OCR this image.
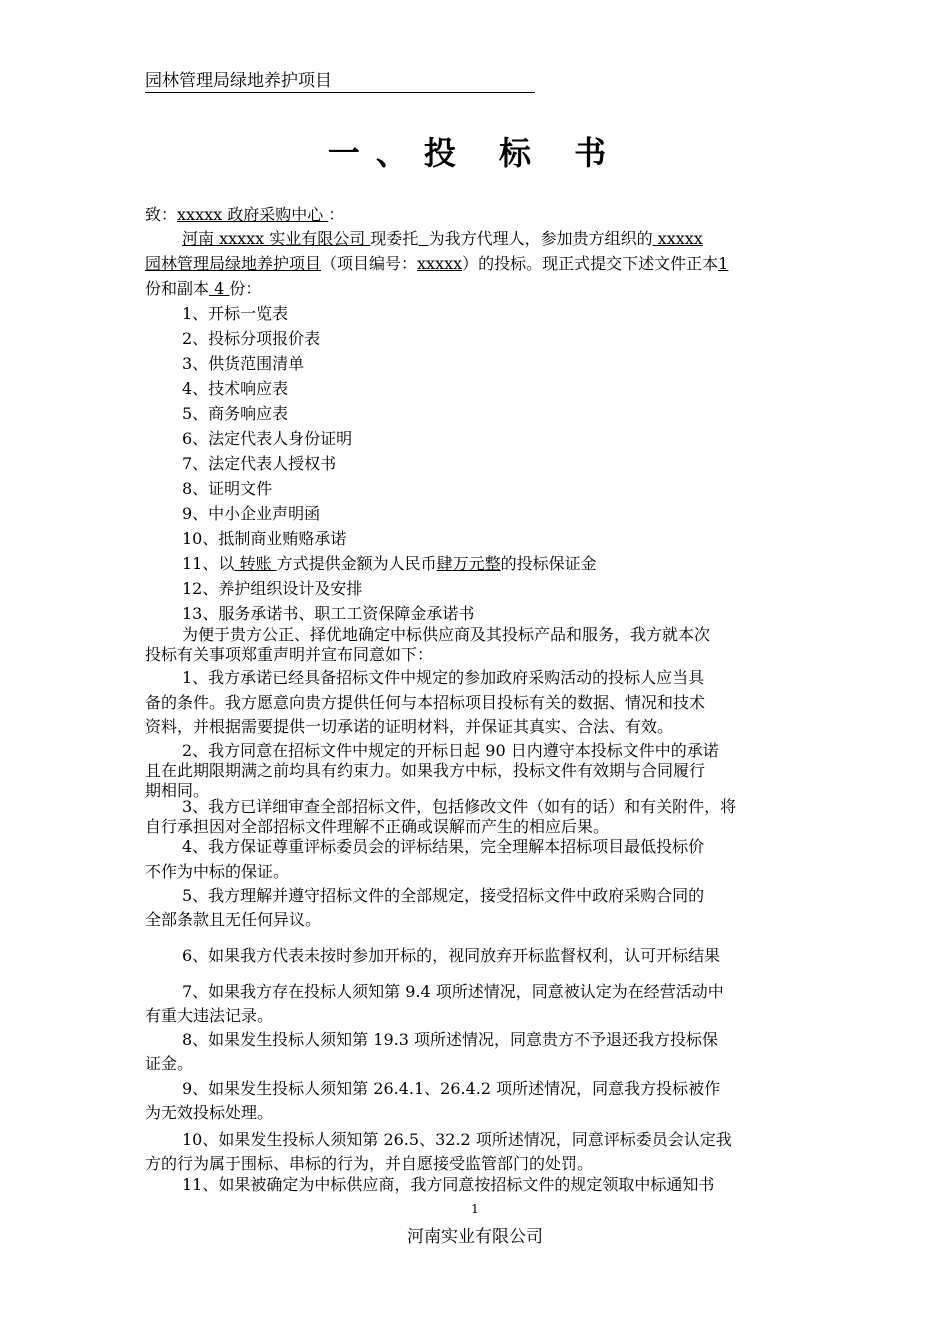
园林管理局绿地养护项目
一、投 标 书
致：xxxxx 政府采购中心 ：
河南 xxxxx 实业有限公司 现委托 为我方代理人，参加贵方组织的 xxxxx
园林管理局绿地养护项目（项目编号：xxxxx）的投标。现正式提交下述文件正本1
份和副本 4 份：
1、开标一览表
2、投标分项报价表
3、供货范围清单
4、技术响应表
5、商务响应表
6、法定代表人身份证明
7、法定代表人授权书
8、证明文件
9、中小企业声明函
10、抵制商业贿赂承诺
11、以 转账 方式提供金额为人民币肆万元整的投标保证金
12、养护组织设计及安排
13、服务承诺书、职工工资保障金承诺书
为便于贵方公正、择优地确定中标供应商及其投标产品和服务，我方就本次
投标有关事项郑重声明并宣布同意如下：
1、我方承诺已经具备招标文件中规定的参加政府采购活动的投标人应当具
备的条件。我方愿意向贵方提供任何与本招标项目投标有关的数据、情况和技术
资料，并根据需要提供一切承诺的证明材料，并保证其真实、合法、有效。
2、我方同意在招标文件中规定的开标日起 90 日内遵守本投标文件中的承诺
且在此期限期满之前均具有约束力。如果我方中标，投标文件有效期与合同履行
期相同。
3、我方已详细审查全部招标文件，包括修改文件（如有的话）和有关附件，将
自行承担因对全部招标文件理解不正确或误解而产生的相应后果。
4、我方保证尊重评标委员会的评标结果，完全理解本招标项目最低投标价
不作为中标的保证。
5、我方理解并遵守招标文件的全部规定，接受招标文件中政府采购合同的
全部条款且无任何异议。
6、如果我方代表未按时参加开标的，视同放弃开标监督权利，认可开标结果
7、如果我方存在投标人须知第 9.4 项所述情况，同意被认定为在经营活动中
有重大违法记录。
8、如果发生投标人须知第 19.3 项所述情况，同意贵方不予退还我方投标保
证金。
9、如果发生投标人须知第 26.4.1、26.4.2 项所述情况，同意我方投标被作
为无效投标处理。
10、如果发生投标人须知第 26.5、32.2 项所述情况，同意评标委员会认定我
方的行为属于围标、串标的行为，并自愿接受监管部门的处罚。
11、如果被确定为中标供应商，我方同意按招标文件的规定领取中标通知书
1
河南实业有限公司
